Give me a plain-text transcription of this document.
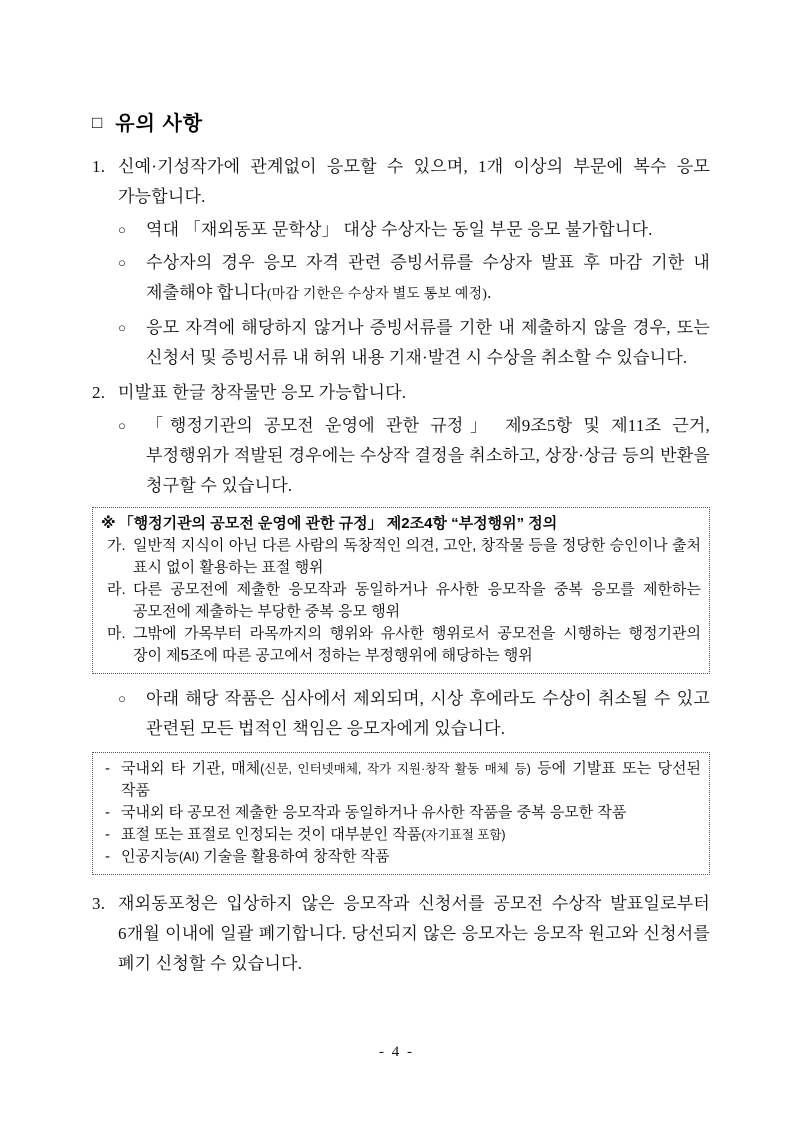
□ 유의 사항
1. 신예·기성작가에 관계없이 응모할 수 있으며, 1개 이상의 부문에 복수 응모 가능합니다.
○	역대 「재외동포 문학상」 대상 수상자는 동일 부문 응모 불가합니다.
○	수상자의 경우 응모 자격 관련 증빙서류를 수상자 발표 후 마감 기한 내 제출해야 합니다(마감 기한은 수상자 별도 통보 예정).
○	응모 자격에 해당하지 않거나 증빙서류를 기한 내 제출하지 않을 경우, 또는 신청서 및 증빙서류 내 허위 내용 기재·발견 시 수상을 취소할 수 있습니다.
2. 미발표 한글 창작물만 응모 가능합니다.
○	「행정기관의 공모전 운영에 관한 규정」 제9조5항 및 제11조 근거, 부정행위가 적발된 경우에는 수상작 결정을 취소하고, 상장·상금 등의 반환을 청구할 수 있습니다.
※ 「행정기관의 공모전 운영에 관한 규정」 제2조4항 “부정행위” 정의
가. 일반적 지식이 아닌 다른 사람의 독창적인 의견, 고안, 창작물 등을 정당한 승인이나 출처 표시 없이 활용하는 표절 행위
라. 다른 공모전에 제출한 응모작과 동일하거나 유사한 응모작을 중복 응모를 제한하는 공모전에 제출하는 부당한 중복 응모 행위
마. 그밖에 가목부터 라목까지의 행위와 유사한 행위로서 공모전을 시행하는 행정기관의 장이 제5조에 따른 공고에서 정하는 부정행위에 해당하는 행위
○	아래 해당 작품은 심사에서 제외되며, 시상 후에라도 수상이 취소될 수 있고 관련된 모든 법적인 책임은 응모자에게 있습니다.
- 국내외 타 기관, 매체(신문, 인터넷매체, 작가 지원·창작 활동 매체 등) 등에 기발표 또는 당선된 작품
- 국내외 타 공모전 제출한 응모작과 동일하거나 유사한 작품을 중복 응모한 작품
- 표절 또는 표절로 인정되는 것이 대부분인 작품(자기표절 포함)
- 인공지능(AI) 기술을 활용하여 창작한 작품
3. 재외동포청은 입상하지 않은 응모작과 신청서를 공모전 수상작 발표일로부터 6개월 이내에 일괄 폐기합니다. 당선되지 않은 응모자는 응모작 원고와 신청서를 폐기 신청할 수 있습니다.
- 4 -
